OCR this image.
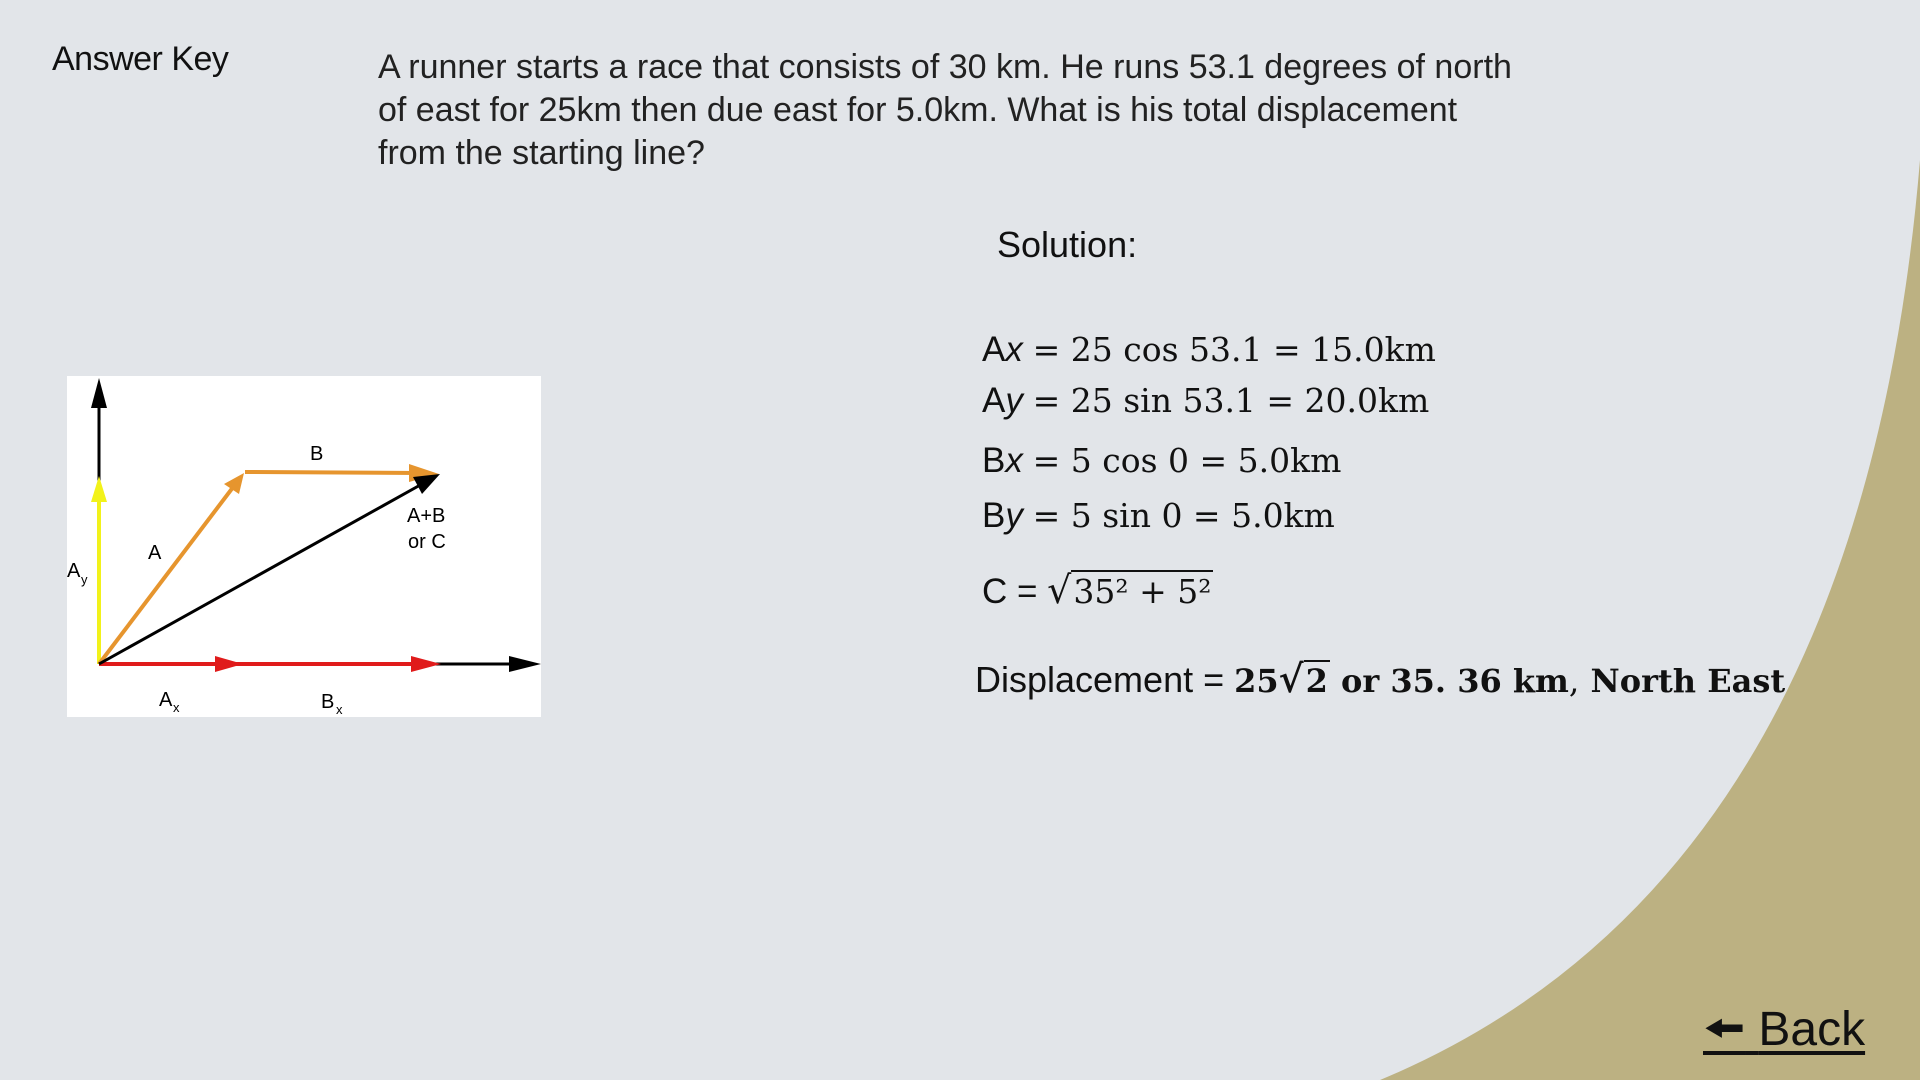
Answer Key	A runner starts a race that consists of 30 km. He runs 53.1 degrees of north of east for 25km then due east for 5.0km. What is his total displacement from the starting line?
Solution:
Ax = 25 cos 53.1 = 15.0km
Ay = 25 sin 53.1 = 20.0km
Bx = 5 cos 0 = 5.0km
By = 5 sin 0 = 5.0km
C = √35² + 5²
Displacement = 25√2 or 35. 36 km, North East
B
A
A+B
or C
A y
A x	B x
🠘 Back
